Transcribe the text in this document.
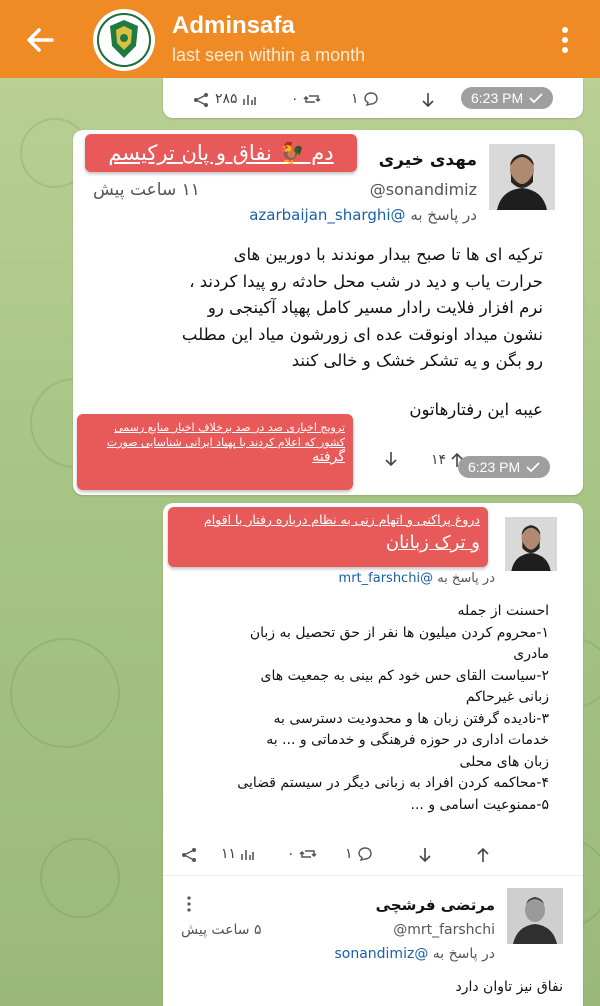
Adminsafa
last seen within a month
۲۸۵	۰	۱	6:23 PM
دم 🐓 نفاق و پان ترکیسم	مهدی خیری
@sonandimiz
۱۱ ساعت پیش
در پاسخ به @azarbaijan_sharghi
ترکیه ای ها تا صبح بیدار موندند با دوربین های
حرارت یاب و دید در شب محل حادثه رو پیدا کردند ،
نرم افزار فلایت رادار مسیر کامل پهپاد آکینجی رو
نشون میداد اونوقت عده ای زورشون میاد این مطلب
رو بگن و یه تشکر خشک و خالی کنند
عیبه این رفتارهاتون
ترویج اخباری صد در صد برخلاف اخبار منابع رسمی
کشور که اعلام کردند با پهپاد ایرانی شناسایی صورت
گرفته	۱۴ 6:23 PM
دروغ پراکنی و اتهام زنی به نظام درباره رفتار با اقوام
و ترک زبانان
در پاسخ به @mrt_farshchi
احسنت از جمله
۱-محروم کردن میلیون ها نفر از حق تحصیل به زبان
مادری
۲-سیاست القای حس خود کم بینی به جمعیت های
زبانی غیرحاکم
۳-نادیده گرفتن زبان ها و محدودیت دسترسی به
خدمات اداری در حوزه فرهنگی و خدماتی و ... به
زبان های محلی
۴-محاکمه کردن افراد به زبانی دیگر در سیستم قضایی
۵-ممنوعیت اسامی و ...
۱۱	۰	۱
مرتضی فرشچی
@mrt_farshchi
۵ ساعت پیش
در پاسخ به @sonandimiz
نفاق نیز تاوان دارد
